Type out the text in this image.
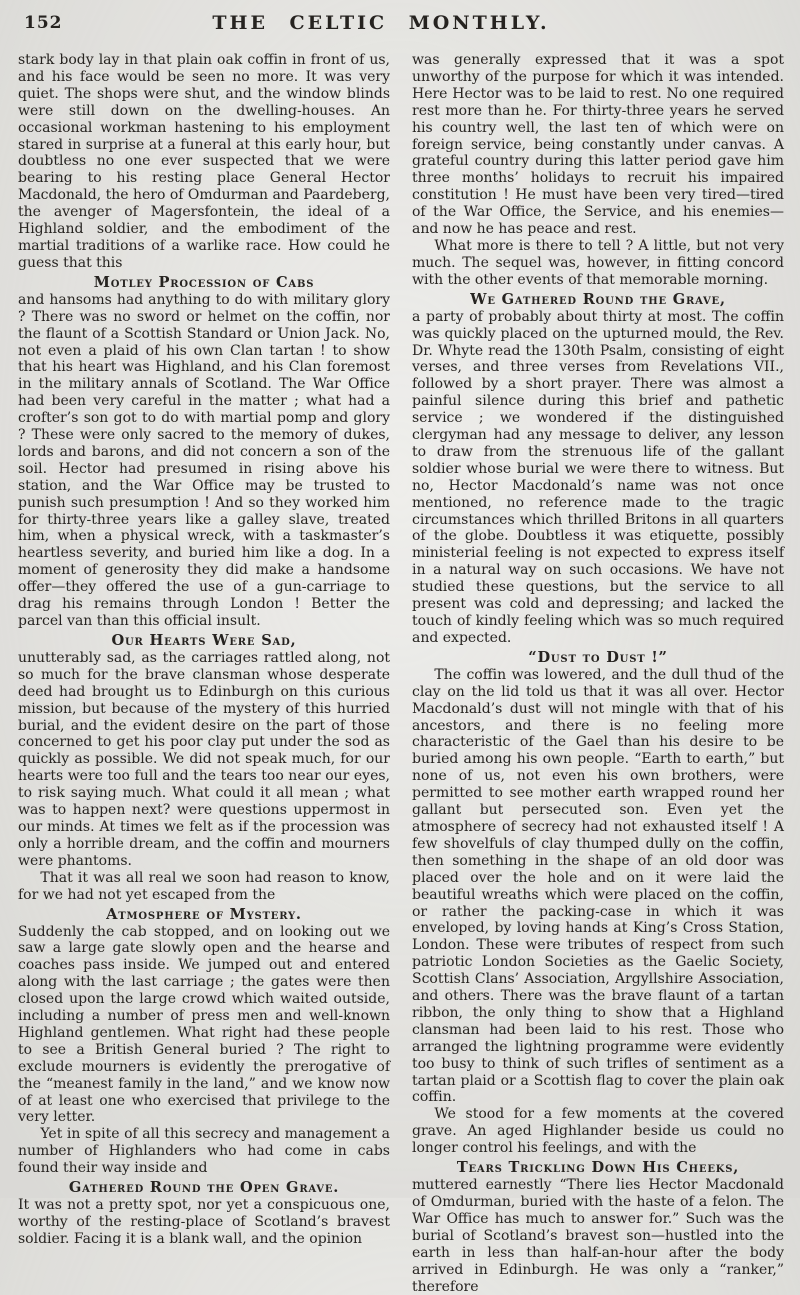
152	THE CELTIC MONTHLY.

stark body lay in that plain oak coffin in front of us, and his face would be seen no more. It was very quiet. The shops were shut, and the window blinds were still down on the dwelling-houses. An occasional workman hastening to his employment stared in surprise at a funeral at this early hour, but doubtless no one ever suspected that we were bearing to his resting place General Hector Macdonald, the hero of Omdurman and Paardeberg, the avenger of Magersfontein, the ideal of a Highland soldier, and the embodiment of the martial traditions of a warlike race. How could he guess that this

Motley Procession of Cabs

and hansoms had anything to do with military glory ? There was no sword or helmet on the coffin, nor the flaunt of a Scottish Standard or Union Jack. No, not even a plaid of his own Clan tartan ! to show that his heart was Highland, and his Clan foremost in the military annals of Scotland. The War Office had been very careful in the matter ; what had a crofter’s son got to do with martial pomp and glory ? These were only sacred to the memory of dukes, lords and barons, and did not concern a son of the soil. Hector had presumed in rising above his station, and the War Office may be trusted to punish such presumption ! And so they worked him for thirty-three years like a galley slave, treated him, when a physical wreck, with a taskmaster’s heartless severity, and buried him like a dog. In a moment of generosity they did make a handsome offer—they offered the use of a gun-carriage to drag his remains through London ! Better the parcel van than this official insult.

Our Hearts Were Sad,

unutterably sad, as the carriages rattled along, not so much for the brave clansman whose desperate deed had brought us to Edinburgh on this curious mission, but because of the mystery of this hurried burial, and the evident desire on the part of those concerned to get his poor clay put under the sod as quickly as possible. We did not speak much, for our hearts were too full and the tears too near our eyes, to risk saying much. What could it all mean ; what was to happen next? were questions uppermost in our minds. At times we felt as if the procession was only a horrible dream, and the coffin and mourners were phantoms.

That it was all real we soon had reason to know, for we had not yet escaped from the

Atmosphere of Mystery.

Suddenly the cab stopped, and on looking out we saw a large gate slowly open and the hearse and coaches pass inside. We jumped out and entered along with the last carriage ; the gates were then closed upon the large crowd which waited outside, including a number of press men and well-known Highland gentlemen. What right had these people to see a British General buried ? The right to exclude mourners is evidently the prerogative of the “meanest family in the land,” and we know now of at least one who exercised that privilege to the very letter.

Yet in spite of all this secrecy and management a number of Highlanders who had come in cabs found their way inside and

Gathered Round the Open Grave.

It was not a pretty spot, nor yet a conspicuous one, worthy of the resting-place of Scotland’s bravest soldier. Facing it is a blank wall, and the opinion

was generally expressed that it was a spot unworthy of the purpose for which it was intended. Here Hector was to be laid to rest. No one required rest more than he. For thirty-three years he served his country well, the last ten of which were on foreign service, being constantly under canvas. A grateful country during this latter period gave him three months’ holidays to recruit his impaired constitution ! He must have been very tired—tired of the War Office, the Service, and his enemies—and now he has peace and rest.

What more is there to tell ? A little, but not very much. The sequel was, however, in fitting concord with the other events of that memorable morning.

We Gathered Round the Grave,

a party of probably about thirty at most. The coffin was quickly placed on the upturned mould, the Rev. Dr. Whyte read the 130th Psalm, consisting of eight verses, and three verses from Revelations VII., followed by a short prayer. There was almost a painful silence during this brief and pathetic service ; we wondered if the distinguished clergyman had any message to deliver, any lesson to draw from the strenuous life of the gallant soldier whose burial we were there to witness. But no, Hector Macdonald’s name was not once mentioned, no reference made to the tragic circumstances which thrilled Britons in all quarters of the globe. Doubtless it was etiquette, possibly ministerial feeling is not expected to express itself in a natural way on such occasions. We have not studied these questions, but the service to all present was cold and depressing; and lacked the touch of kindly feeling which was so much required and expected.

“Dust to Dust !”

The coffin was lowered, and the dull thud of the clay on the lid told us that it was all over. Hector Macdonald’s dust will not mingle with that of his ancestors, and there is no feeling more characteristic of the Gael than his desire to be buried among his own people. “Earth to earth,” but none of us, not even his own brothers, were permitted to see mother earth wrapped round her gallant but persecuted son. Even yet the atmosphere of secrecy had not exhausted itself ! A few shovelfuls of clay thumped dully on the coffin, then something in the shape of an old door was placed over the hole and on it were laid the beautiful wreaths which were placed on the coffin, or rather the packing-case in which it was enveloped, by loving hands at King’s Cross Station, London. These were tributes of respect from such patriotic London Societies as the Gaelic Society, Scottish Clans’ Association, Argyllshire Association, and others. There was the brave flaunt of a tartan ribbon, the only thing to show that a Highland clansman had been laid to his rest. Those who arranged the lightning programme were evidently too busy to think of such trifles of sentiment as a tartan plaid or a Scottish flag to cover the plain oak coffin.

We stood for a few moments at the covered grave. An aged Highlander beside us could no longer control his feelings, and with the

Tears Trickling Down His Cheeks,

muttered earnestly “There lies Hector Macdonald of Omdurman, buried with the haste of a felon. The War Office has much to answer for.” Such was the burial of Scotland’s bravest son—hustled into the earth in less than half-an-hour after the body arrived in Edinburgh. He was only a “ranker,” therefore
